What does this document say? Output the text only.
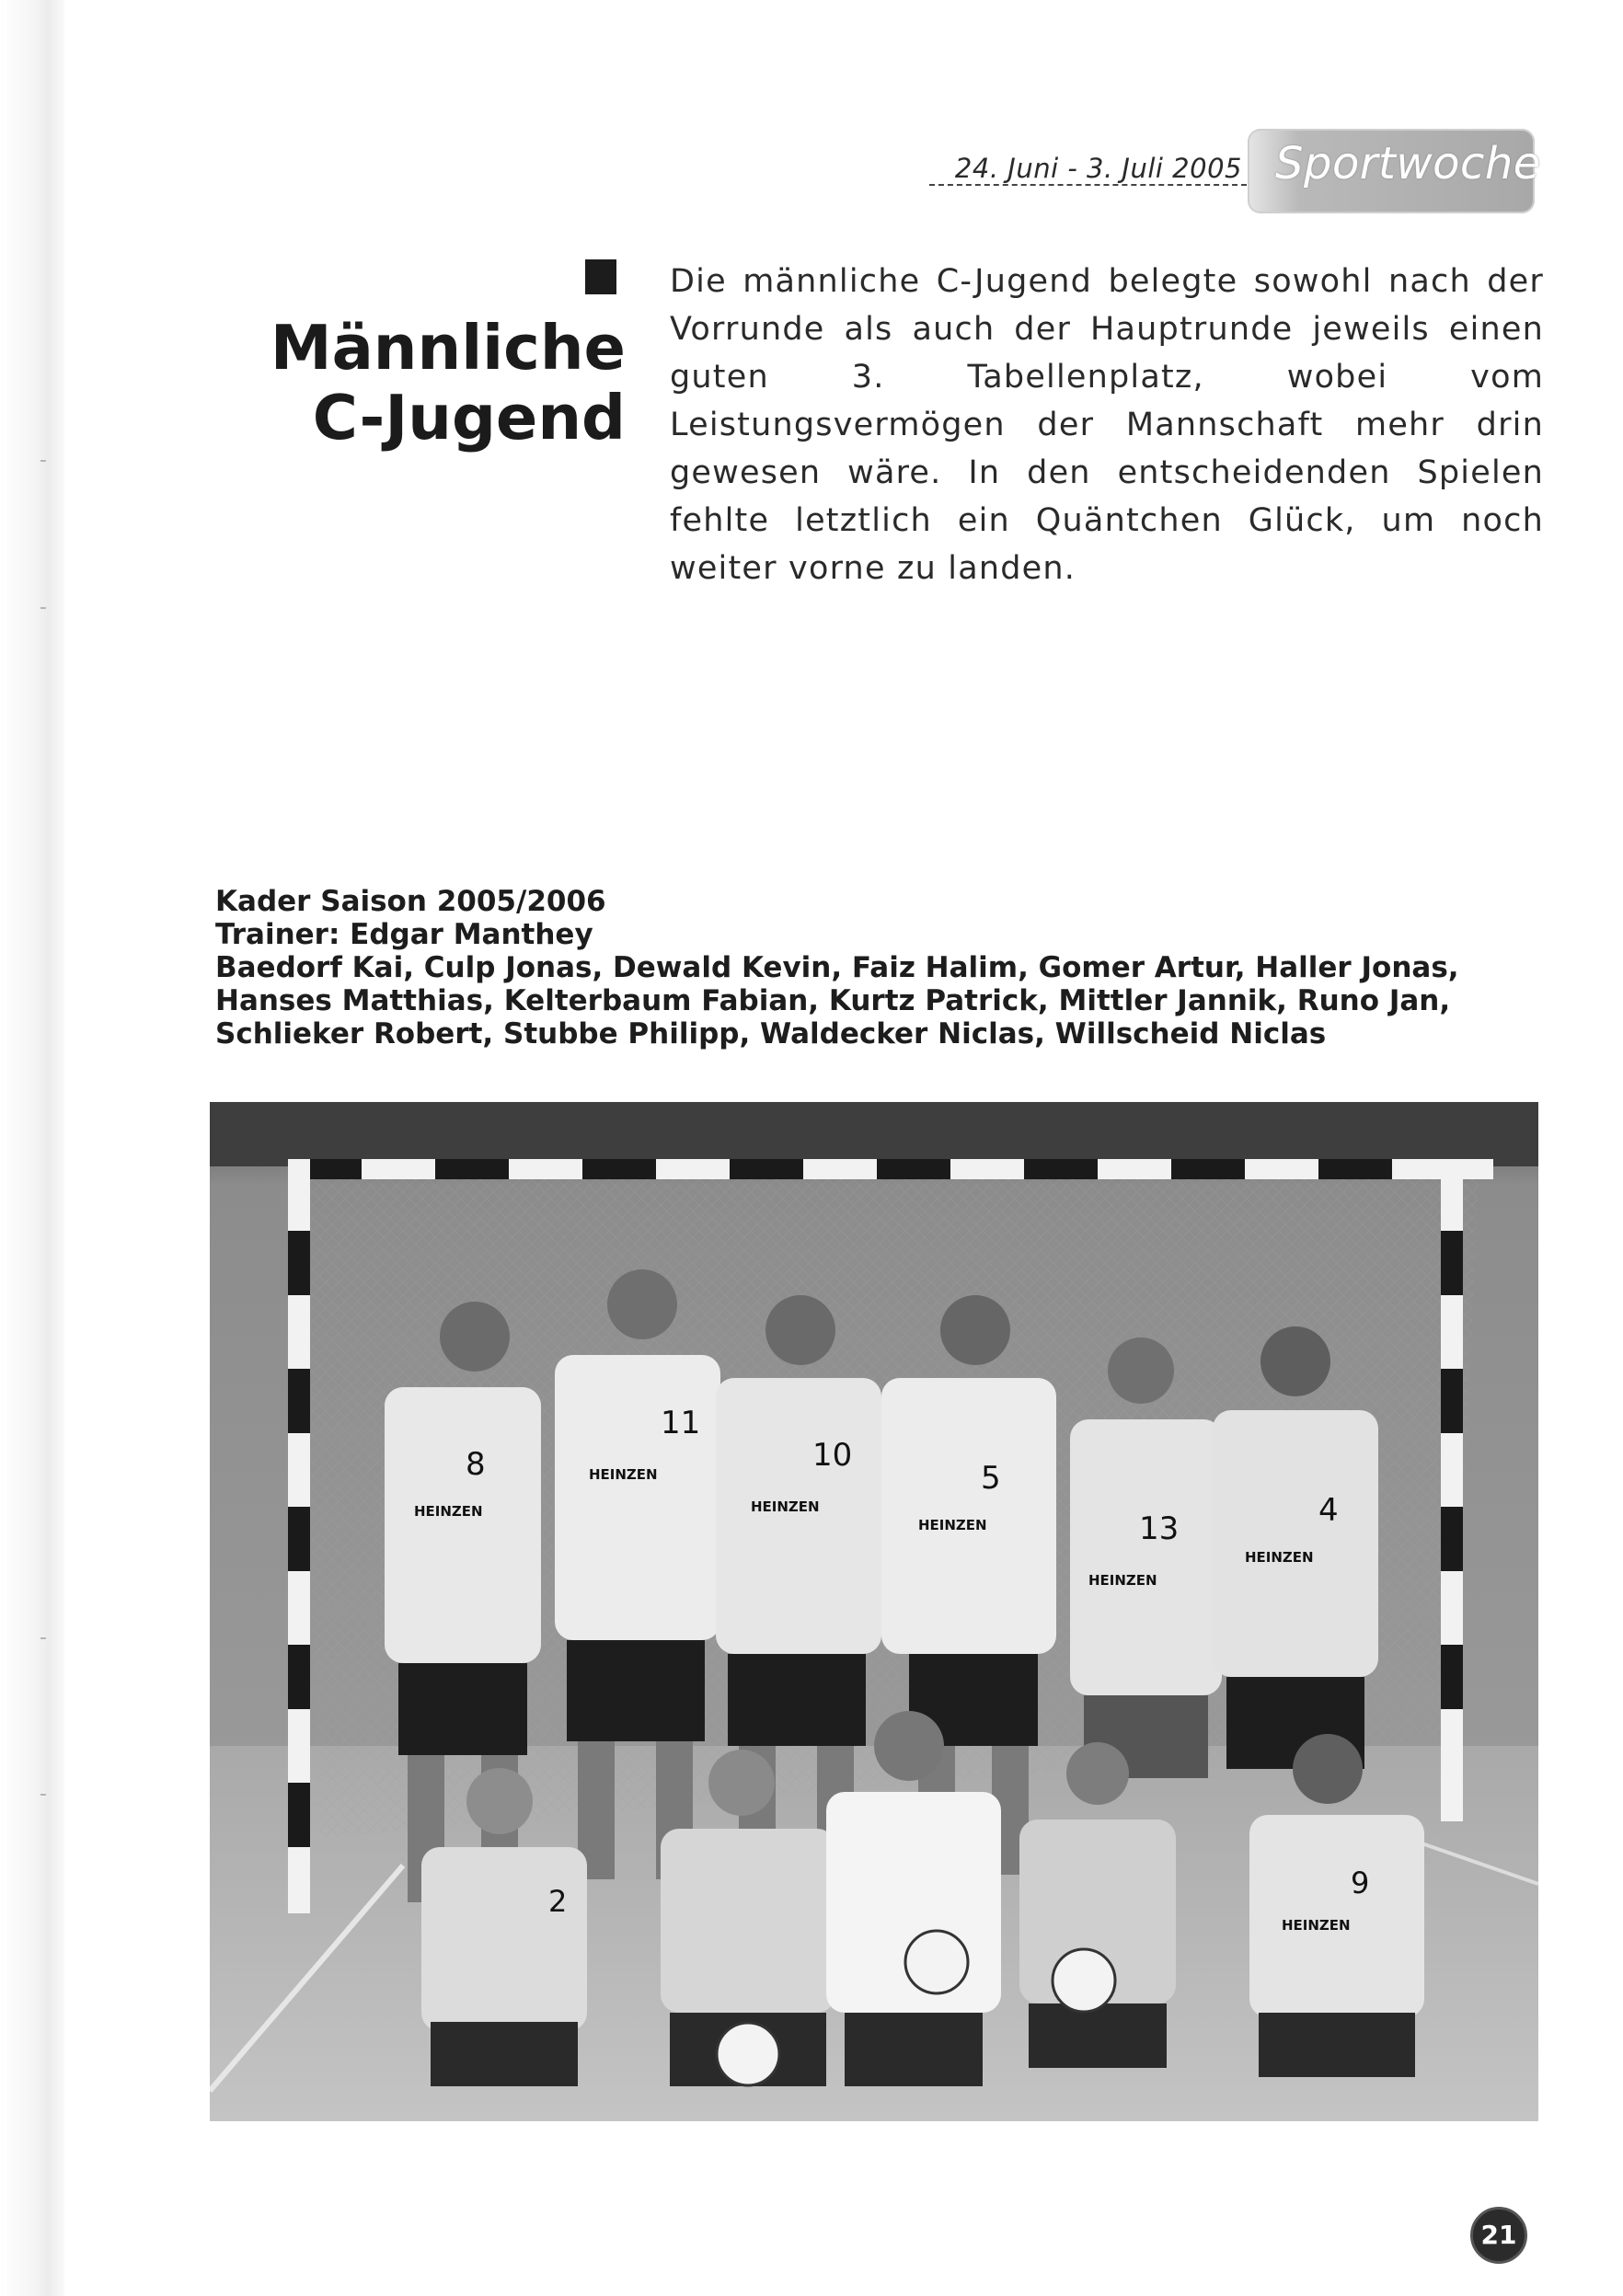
24. Juni - 3. Juli 2005 Sportwoche
Männliche
C-Jugend

Die männliche C-Jugend belegte sowohl nach der Vorrunde als auch der Hauptrunde jeweils einen guten 3. Tabellenplatz, wobei vom Leistungsvermögen der Mannschaft mehr drin gewesen wäre. In den entscheidenden Spielen fehlte letztlich ein Quäntchen Glück, um noch weiter vorne zu landen.

Kader Saison 2005/2006
Trainer: Edgar Manthey
Baedorf Kai, Culp Jonas, Dewald Kevin, Faiz Halim, Gomer Artur, Haller Jonas,
Hanses Matthias, Kelterbaum Fabian, Kurtz Patrick, Mittler Jannik, Runo Jan,
Schlieker Robert, Stubbe Philipp, Waldecker Niclas, Willscheid Niclas
8
HEINZEN
11
HEINZEN
10
HEINZEN
5
HEINZEN	13
HEINZEN
4
HEINZEN
2
9
HEINZEN
21
